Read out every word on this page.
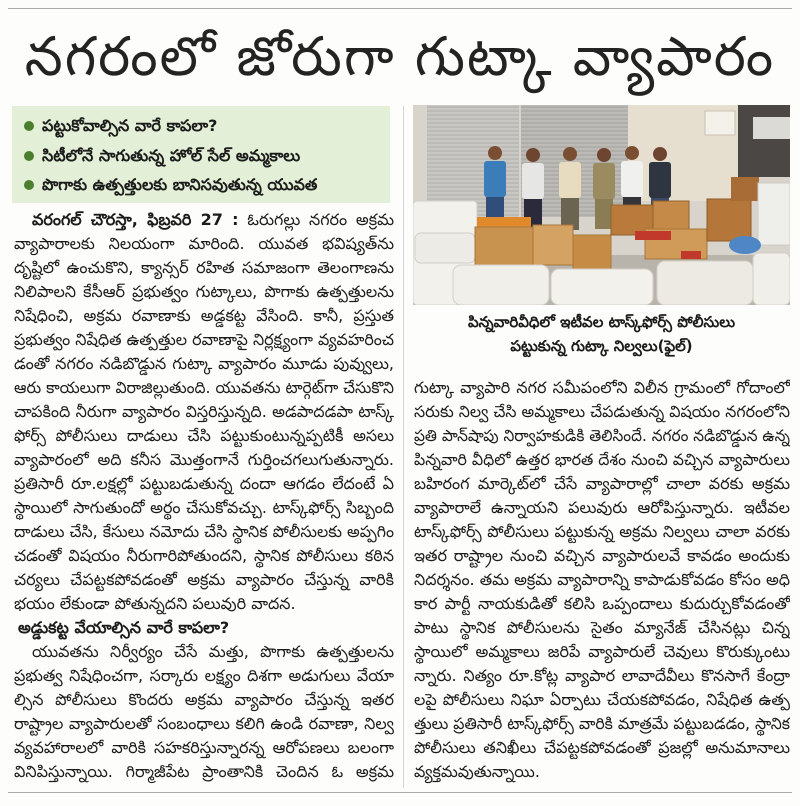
నగరంలో జోరుగా గుట్కా వ్యాపారం
పట్టుకోవాల్సిన వారే కాపలా?
సిటీలోనే సాగుతున్న హోల్ సేల్ అమ్మకాలు
పొగాకు ఉత్పత్తులకు బానిసవుతున్న యువత
వరంగల్ చౌరస్తా, ఫిబ్రవరి 27 : ఓరుగల్లు నగరం అక్రమ
వ్యాపారాలకు నిలయంగా మారింది. యువత భవిష్యత్‌ను
దృష్టిలో ఉంచుకొని, క్యాన్సర్ రహిత సమాజంగా తెలంగాణను
నిలిపాలని కేసీఆర్ ప్రభుత్వం గుట్కాలు, పొగాకు ఉత్పత్తులను
నిషేధించి, అక్రమ రవాణాకు అడ్డకట్ట వేసింది. కానీ, ప్రస్తుత
ప్రభుత్వం నిషేధిత ఉత్పత్తుల రవాణాపై నిర్లక్ష్యంగా వ్యవహరించ
డంతో నగరం నడిబొడ్డున గుట్కా వ్యాపారం మూడు పువ్వులు,
ఆరు కాయలుగా విరాజిల్లుతుంది. యువతను టార్గెట్‌గా చేసుకొని
చాపకింది నీరుగా వ్యాపారం విస్తరిస్తున్నది. అడపాదడపా టాస్క్
ఫోర్స్ పోలీసులు దాడులు చేసి పట్టుకుంటున్నప్పటికీ అసలు
వ్యాపారంలో అది కనీస మొత్తంగానే గుర్తించగలుగుతున్నారు.
ప్రతిసారీ రూ.లక్షల్లో పట్టుబడుతున్న దందా ఆగడం లేదంటే ఏ
స్థాయిలో సాగుతుందో అర్థం చేసుకోవచ్చు. టాస్క్‌ఫోర్స్ సిబ్బంది
దాడులు చేసి, కేసులు నమోదు చేసి స్థానిక పోలీసులకు అప్పగిం
చడంతో విషయం నీరుగారిపోతుందని, స్థానిక పోలీసులు కఠిన
చర్యలు చేపట్టకపోవడంతో అక్రమ వ్యాపారం చేస్తున్న వారికి
భయం లేకుండా పోతున్నదని పలువురి వాదన.
అడ్డుకట్ట వేయాల్సిన వారే కాపలా?
యువతను నిర్వీర్యం చేసే మత్తు, పొగాకు ఉత్పత్తులను
ప్రభుత్వ నిషేధించగా, సర్కారు లక్ష్యం దిశగా అడుగులు వేయా
ల్సిన పోలీసులు కొందరు అక్రమ వ్యాపారం చేస్తున్న ఇతర
రాష్ట్రాల వ్యాపారులతో సంబంధాలు కలిగి ఉండి రవాణా, నిల్వ
వ్యవహారాలలో వారికి సహకరిస్తున్నారన్న ఆరోపణలు బలంగా
వినిపిస్తున్నాయి. గిర్మాజీపేట ప్రాంతానికి చెందిన ఓ అక్రమ
పిన్నవారివీధిలో ఇటీవల టాస్క్‌ఫోర్స్ పోలీసులు
పట్టుకున్న గుట్కా నిల్వలు(ఫైల్)
గుట్కా వ్యాపారి నగర సమీపంలోని విలీన గ్రామంలో గోదాంలో
సరుకు నిల్వ చేసి అమ్మకాలు చేపడుతున్న విషయం నగరంలోని
ప్రతి పాన్‌షాపు నిర్వాహకుడికి తెలిసిందే. నగరం నడిబొడ్డున ఉన్న
పిన్నవారి వీధిలో ఉత్తర భారత దేశం నుంచి వచ్చిన వ్యాపారులు
బహిరంగ మార్కెట్‌లో చేసే వ్యాపారాల్లో చాలా వరకు అక్రమ
వ్యాపారాలే ఉన్నాయని పలువురు ఆరోపిస్తున్నారు. ఇటీవల
టాస్క్‌ఫోర్స్ పోలీసులు పట్టుకున్న అక్రమ నిల్వలు చాలా వరకు
ఇతర రాష్ట్రాల నుంచి వచ్చిన వ్యాపారులవే కావడం అందుకు
నిదర్శనం. తమ అక్రమ వ్యాపారాన్ని కాపాడుకోవడం కోసం అధి
కార పార్టీ నాయకుడితో కలిసి ఒప్పందాలు కుదుర్చుకోవడంతో
పాటు స్థానిక పోలీసులను సైతం మ్యానేజ్ చేసినట్లు చిన్న
స్థాయిలో అమ్మకాలు జరిపే వ్యాపారులే చెవులు కొరుక్కుంటు
న్నారు. నిత్యం రూ.కోట్ల వ్యాపార లావాదేవీలు కొనసాగే కేంద్రా
లపై పోలీసులు నిఘా ఏర్పాటు చేయకపోవడం, నిషేధిత ఉత్ప
త్తులు ప్రతిసారీ టాస్క్‌ఫోర్స్ వారికి మాత్రమే పట్టుబడడం, స్థానిక
పోలీసులు తనిఖీలు చేపట్టకపోవడంతో ప్రజల్లో అనుమానాలు
వ్యక్తమవుతున్నాయి.
